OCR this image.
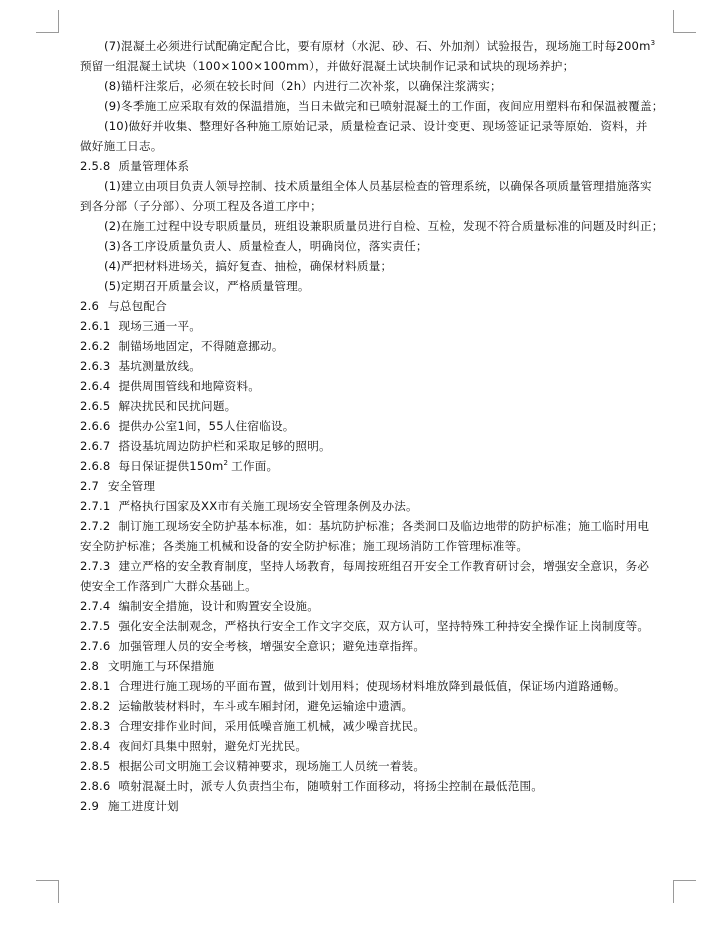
(7)混凝土必须进行试配确定配合比，要有原材（水泥、砂、石、外加剂）试验报告，现场施工时每$200m^3$
预留一组混凝土试块（100×100×100mm），并做好混凝土试块制作记录和试块的现场养护；
(8)锚杆注浆后，必须在较长时间（2h）内进行二次补浆，以确保注浆满实；
(9)冬季施工应采取有效的保温措施，当日未做完和已喷射混凝土的工作面，夜间应用塑料布和保温被覆盖；
(10)做好并收集、整理好各种施工原始记录，质量检查记录、设计变更、现场签证记录等原始．资料，并
做好施工日志。
2.5.8 质量管理体系
(1)建立由项目负责人领导控制、技术质量组全体人员基层检查的管理系统，以确保各项质量管理措施落实
到各分部（子分部）、分项工程及各道工序中；
(2)在施工过程中设专职质量员，班组设兼职质量员进行自检、互检，发现不符合质量标准的问题及时纠正；
(3)各工序设质量负责人、质量检查人，明确岗位，落实责任；
(4)严把材料进场关，搞好复查、抽检，确保材料质量；
(5)定期召开质量会议，严格质量管理。
2.6 与总包配合
2.6.1 现场三通一平。
2.6.2 制锚场地固定，不得随意挪动。
2.6.3 基坑测量放线。
2.6.4 提供周围管线和地障资料。
2.6.5 解决扰民和民扰问题。
2.6.6 提供办公室1间，55人住宿临设。
2.6.7 搭设基坑周边防护栏和采取足够的照明。
2.6.8 每日保证提供$150m^2$ 工作面。
2.7 安全管理
2.7.1 严格执行国家及XX市有关施工现场安全管理条例及办法。
2.7.2 制订施工现场安全防护基本标准，如：基坑防护标准；各类洞口及临边地带的防护标准；施工临时用电
安全防护标准；各类施工机械和设备的安全防护标准；施工现场消防工作管理标准等。
2.7.3 建立严格的安全教育制度，坚持人场教育，每周按班组召开安全工作教育研讨会，增强安全意识，务必
使安全工作落到广大群众基础上。
2.7.4 编制安全措施，设计和购置安全设施。
2.7.5 强化安全法制观念，严格执行安全工作文字交底，双方认可，坚持特殊工种持安全操作证上岗制度等。
2.7.6 加强管理人员的安全考核，增强安全意识；避免违章指挥。
2.8 文明施工与环保措施
2.8.1 合理进行施工现场的平面布置，做到计划用料；使现场材料堆放降到最低值，保证场内道路通畅。
2.8.2 运输散装材料时，车斗或车厢封闭，避免运输途中遗洒。
2.8.3 合理安排作业时间，采用低噪音施工机械，减少噪音扰民。
2.8.4 夜间灯具集中照射，避免灯光扰民。
2.8.5 根据公司文明施工会议精神要求，现场施工人员统一着装。
2.8.6 喷射混凝土时，派专人负责挡尘布，随喷射工作面移动，将扬尘控制在最低范围。
2.9 施工进度计划
